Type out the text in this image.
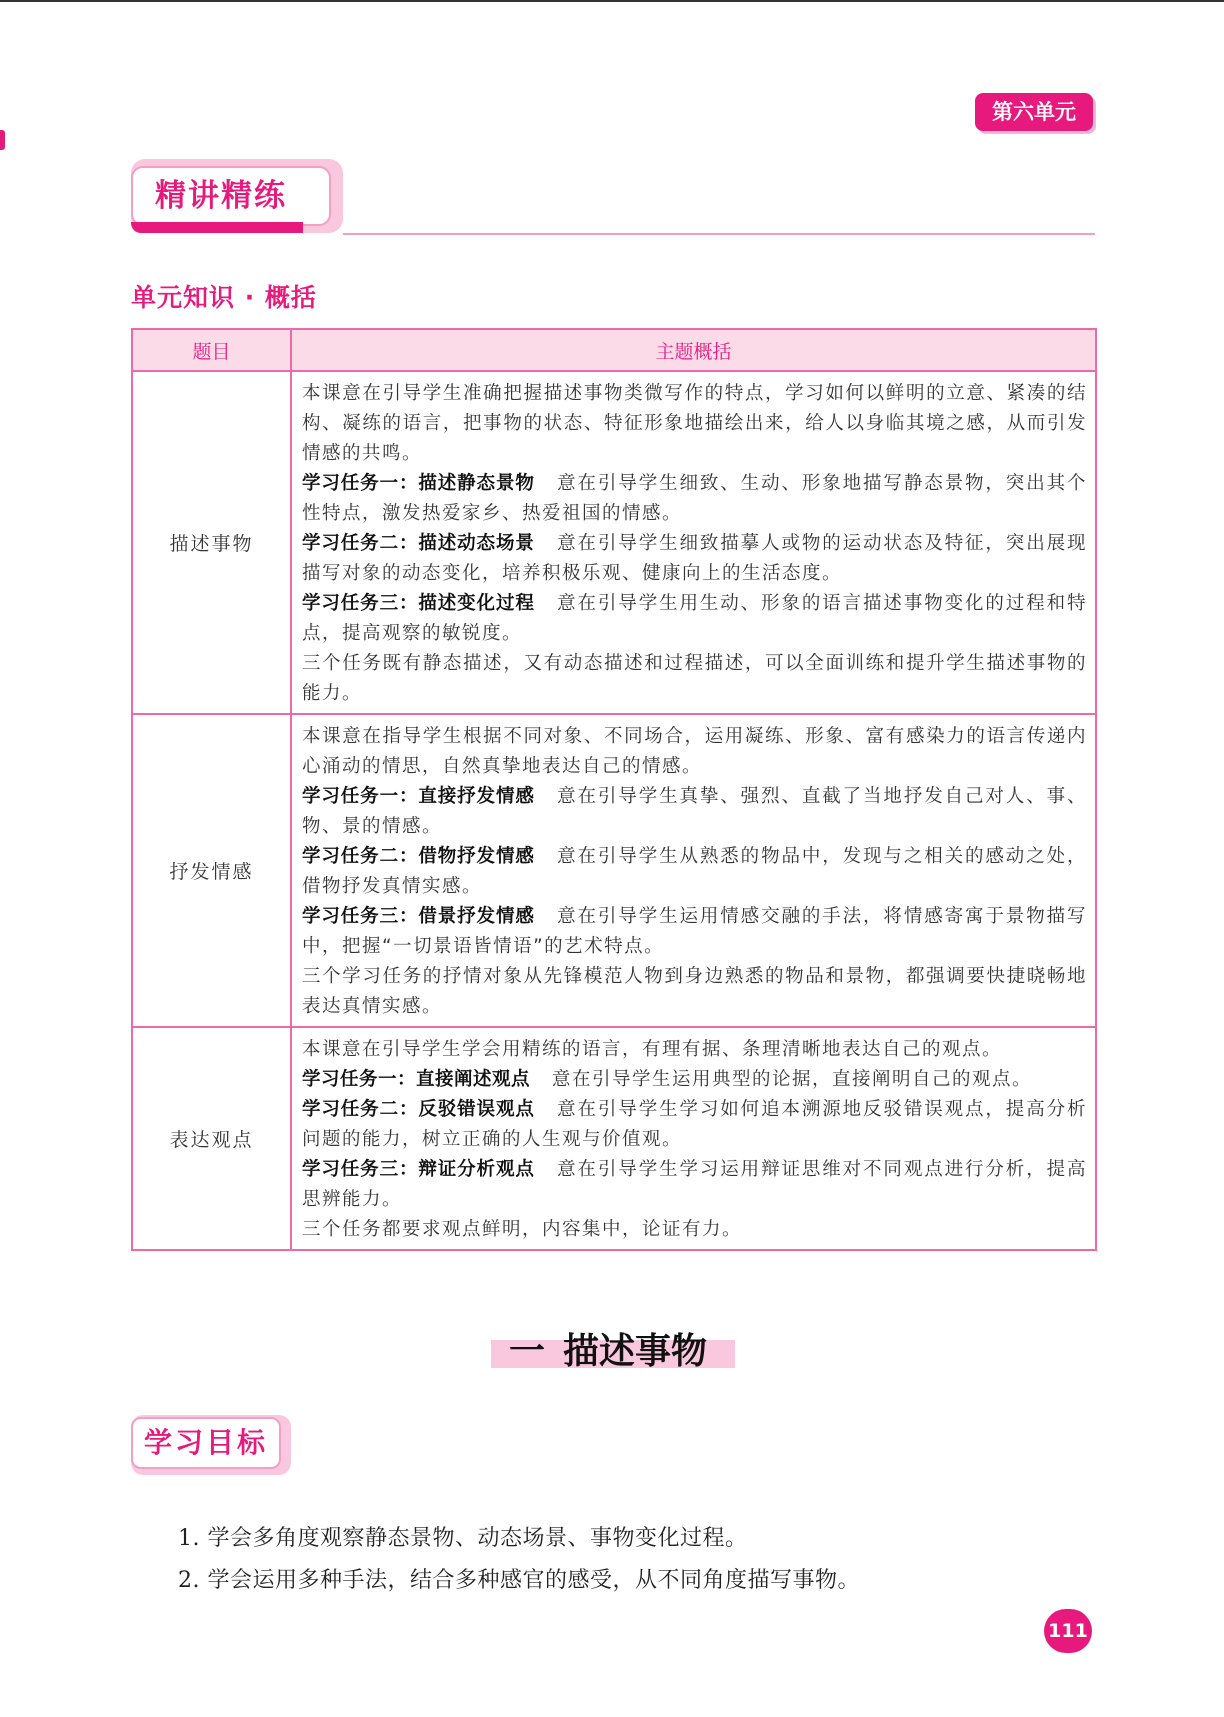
第六单元
精讲精练
单元知识 · 概括
题目	主题概括
描述事物	本课意在引导学生准确把握描述事物类微写作的特点，学习如何以鲜明的立意、紧凑的结构、凝练的语言，把事物的状态、特征形象地描绘出来，给人以身临其境之感，从而引发情感的共鸣。

学习任务一：描述静态景物 意在引导学生细致、生动、形象地描写静态景物，突出其个性特点，激发热爱家乡、热爱祖国的情感。

学习任务二：描述动态场景 意在引导学生细致描摹人或物的运动状态及特征，突出展现描写对象的动态变化，培养积极乐观、健康向上的生活态度。

学习任务三：描述变化过程 意在引导学生用生动、形象的语言描述事物变化的过程和特点，提高观察的敏锐度。

三个任务既有静态描述，又有动态描述和过程描述，可以全面训练和提升学生描述事物的能力。

抒发情感	本课意在指导学生根据不同对象、不同场合，运用凝练、形象、富有感染力的语言传递内心涌动的情思，自然真挚地表达自己的情感。

学习任务一：直接抒发情感 意在引导学生真挚、强烈、直截了当地抒发自己对人、事、物、景的情感。

学习任务二：借物抒发情感 意在引导学生从熟悉的物品中，发现与之相关的感动之处，借物抒发真情实感。

学习任务三：借景抒发情感 意在引导学生运用情感交融的手法，将情感寄寓于景物描写中，把握“一切景语皆情语”的艺术特点。

三个学习任务的抒情对象从先锋模范人物到身边熟悉的物品和景物，都强调要快捷晓畅地表达真情实感。

表达观点	本课意在引导学生学会用精练的语言，有理有据、条理清晰地表达自己的观点。

学习任务一：直接阐述观点 意在引导学生运用典型的论据，直接阐明自己的观点。

学习任务二：反驳错误观点 意在引导学生学习如何追本溯源地反驳错误观点，提高分析问题的能力，树立正确的人生观与价值观。

学习任务三：辩证分析观点 意在引导学生学习运用辩证思维对不同观点进行分析，提高思辨能力。

三个任务都要求观点鲜明，内容集中，论证有力。

一 描述事物
学习目标
1. 学会多角度观察静态景物、动态场景、事物变化过程。
2. 学会运用多种手法，结合多种感官的感受，从不同角度描写事物。
111
